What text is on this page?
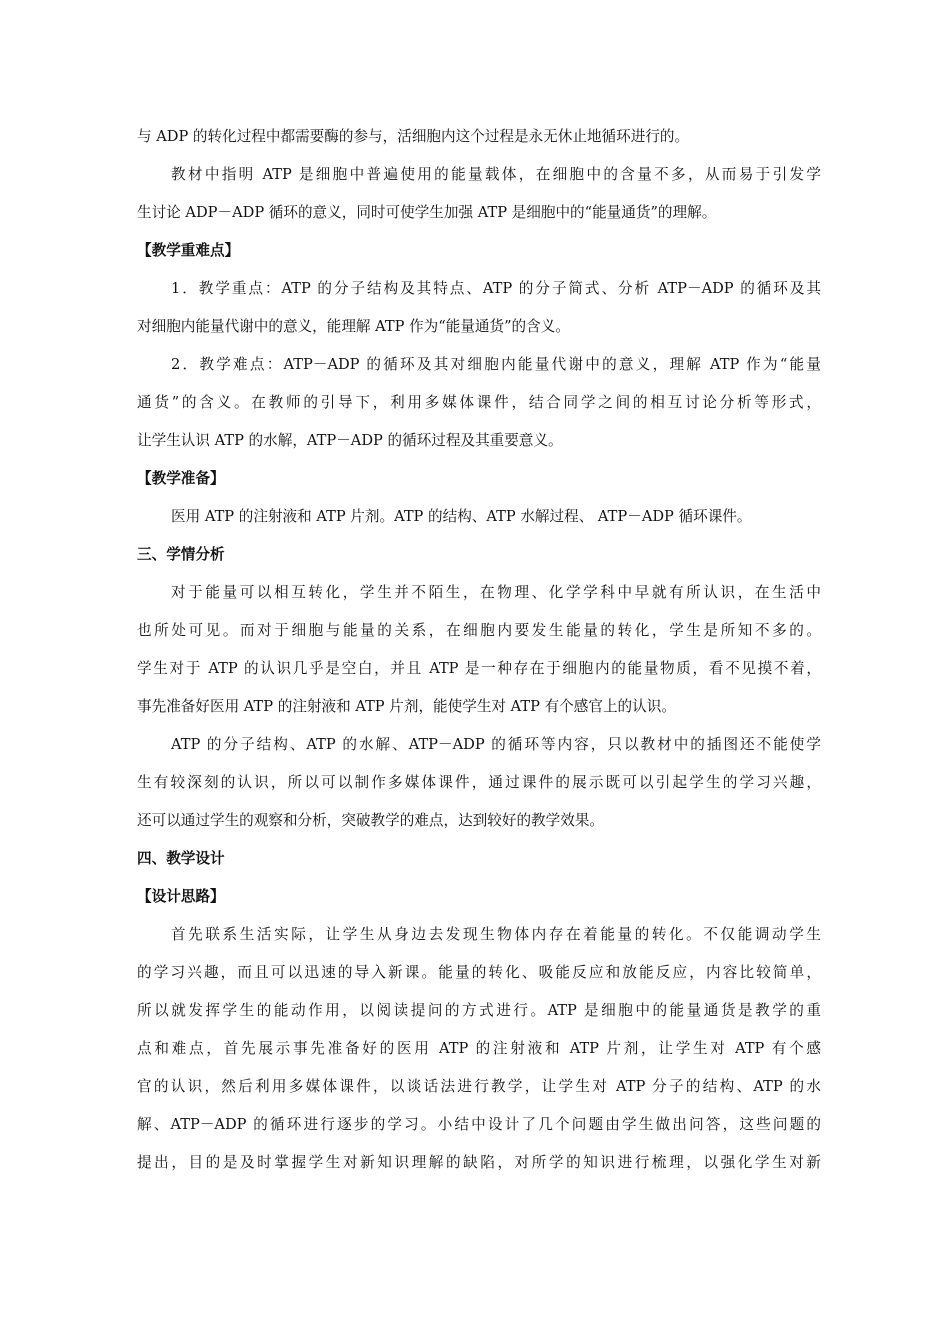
与 ADP 的转化过程中都需要酶的参与，活细胞内这个过程是永无休止地循环进行的。
教材中指明 ATP 是细胞中普遍使用的能量载体，在细胞中的含量不多，从而易于引发学
生讨论 ADP－ADP 循环的意义，同时可使学生加强 ATP 是细胞中的“能量通货”的理解。
【教学重难点】
1．教学重点：ATP 的分子结构及其特点、ATP 的分子简式、分析 ATP－ADP 的循环及其
对细胞内能量代谢中的意义，能理解 ATP 作为“能量通货”的含义。
2．教学难点：ATP－ADP 的循环及其对细胞内能量代谢中的意义，理解 ATP 作为“能量
通货”的含义。在教师的引导下，利用多媒体课件，结合同学之间的相互讨论分析等形式，
让学生认识 ATP 的水解，ATP－ADP 的循环过程及其重要意义。
【教学准备】
医用 ATP 的注射液和 ATP 片剂。ATP 的结构、ATP 水解过程、 ATP－ADP 循环课件。
三、学情分析
对于能量可以相互转化，学生并不陌生，在物理、化学学科中早就有所认识，在生活中
也所处可见。而对于细胞与能量的关系，在细胞内要发生能量的转化，学生是所知不多的。
学生对于 ATP 的认识几乎是空白，并且 ATP 是一种存在于细胞内的能量物质，看不见摸不着，
事先准备好医用 ATP 的注射液和 ATP 片剂，能使学生对 ATP 有个感官上的认识。
ATP 的分子结构、ATP 的水解、ATP－ADP 的循环等内容，只以教材中的插图还不能使学
生有较深刻的认识，所以可以制作多媒体课件，通过课件的展示既可以引起学生的学习兴趣，
还可以通过学生的观察和分析，突破教学的难点，达到较好的教学效果。
四、教学设计
【设计思路】
首先联系生活实际，让学生从身边去发现生物体内存在着能量的转化。不仅能调动学生
的学习兴趣，而且可以迅速的导入新课。能量的转化、吸能反应和放能反应，内容比较简单，
所以就发挥学生的能动作用，以阅读提问的方式进行。ATP 是细胞中的能量通货是教学的重
点和难点，首先展示事先准备好的医用 ATP 的注射液和 ATP 片剂，让学生对 ATP 有个感
官的认识，然后利用多媒体课件，以谈话法进行教学，让学生对 ATP 分子的结构、ATP 的水
解、ATP－ADP 的循环进行逐步的学习。小结中设计了几个问题由学生做出问答，这些问题的
提出，目的是及时掌握学生对新知识理解的缺陷，对所学的知识进行梳理，以强化学生对新
